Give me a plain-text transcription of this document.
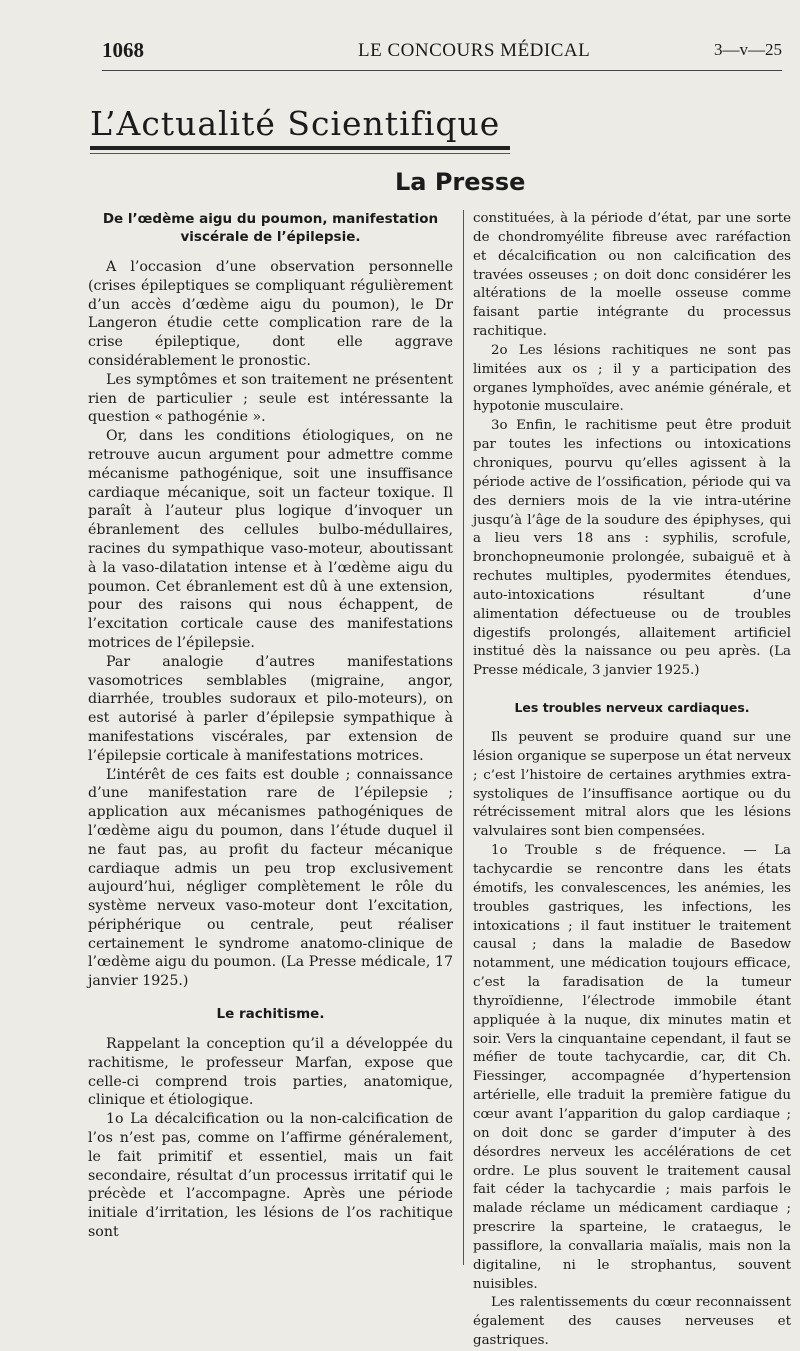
1068	LE CONCOURS MÉDICAL	3—v—25
L’Actualité Scientifique
La Presse
De l’œdème aigu du poumon, manifestation viscérale de l’épilepsie.

A l’occasion d’une observation personnelle (crises épileptiques se compliquant régulièrement d’un accès d’œdème aigu du poumon), le Dr Langeron étudie cette complication rare de la crise épileptique, dont elle aggrave considérablement le pronostic.

Les symptômes et son traitement ne présentent rien de particulier ; seule est intéressante la question « pathogénie ».

Or, dans les conditions étiologiques, on ne retrouve aucun argument pour admettre comme mécanisme pathogénique, soit une insuffisance cardiaque mécanique, soit un facteur toxique. Il paraît à l’auteur plus logique d’invoquer un ébranlement des cellules bulbo-médullaires, racines du sympathique vaso-moteur, aboutissant à la vaso-dilatation intense et à l’œdème aigu du poumon. Cet ébranlement est dû à une extension, pour des raisons qui nous échappent, de l’excitation corticale cause des manifestations motrices de l’épilepsie.

Par analogie d’autres manifestations vasomotrices semblables (migraine, angor, diarrhée, troubles sudoraux et pilo-moteurs), on est autorisé à parler d’épilepsie sympathique à manifestations viscérales, par extension de l’épilepsie corticale à manifestations motrices.

L’intérêt de ces faits est double ; connaissance d’une manifestation rare de l’épilepsie ; application aux mécanismes pathogéniques de l’œdème aigu du poumon, dans l’étude duquel il ne faut pas, au profit du facteur mécanique cardiaque admis un peu trop exclusivement aujourd’hui, négliger complètement le rôle du système nerveux vaso-moteur dont l’excitation, périphérique ou centrale, peut réaliser certainement le syndrome anatomo-clinique de l’œdème aigu du poumon. (La Presse médicale, 17 janvier 1925.)

Le rachitisme.

Rappelant la conception qu’il a développée du rachitisme, le professeur Marfan, expose que celle-ci comprend trois parties, anatomique, clinique et étiologique.

1o La décalcification ou la non-calcification de l’os n’est pas, comme on l’affirme généralement, le fait primitif et essentiel, mais un fait secondaire, résultat d’un processus irritatif qui le précède et l’accompagne. Après une période initiale d’irritation, les lésions de l’os rachitique sont

constituées, à la période d’état, par une sorte de chondromyélite fibreuse avec raréfaction et décalcification ou non calcification des travées osseuses ; on doit donc considérer les altérations de la moelle osseuse comme faisant partie intégrante du processus rachitique.

2o Les lésions rachitiques ne sont pas limitées aux os ; il y a participation des organes lymphoïdes, avec anémie générale, et hypotonie musculaire.

3o Enfin, le rachitisme peut être produit par toutes les infections ou intoxications chroniques, pourvu qu’elles agissent à la période active de l’ossification, période qui va des derniers mois de la vie intra-utérine jusqu’à l’âge de la soudure des épiphyses, qui a lieu vers 18 ans : syphilis, scrofule, bronchopneumonie prolongée, subaiguë et à rechutes multiples, pyodermites étendues, auto-intoxications résultant d’une alimentation défectueuse ou de troubles digestifs prolongés, allaitement artificiel institué dès la naissance ou peu après. (La Presse médicale, 3 janvier 1925.)

Les troubles nerveux cardiaques.

Ils peuvent se produire quand sur une lésion organique se superpose un état nerveux ; c’est l’histoire de certaines arythmies extra-systoliques de l’insuffisance aortique ou du rétrécissement mitral alors que les lésions valvulaires sont bien compensées.

1o Trouble s de fréquence. — La tachycardie se rencontre dans les états émotifs, les convalescences, les anémies, les troubles gastriques, les infections, les intoxications ; il faut instituer le traitement causal ; dans la maladie de Basedow notamment, une médication toujours efficace, c’est la faradisation de la tumeur thyroïdienne, l’électrode immobile étant appliquée à la nuque, dix minutes matin et soir. Vers la cinquantaine cependant, il faut se méfier de toute tachycardie, car, dit Ch. Fiessinger, accompagnée d’hypertension artérielle, elle traduit la première fatigue du cœur avant l’apparition du galop cardiaque ; on doit donc se garder d’imputer à des désordres nerveux les accélérations de cet ordre. Le plus souvent le traitement causal fait céder la tachycardie ; mais parfois le malade réclame un médicament cardiaque ; prescrire la sparteine, le crataegus, le passiflore, la convallaria maïalis, mais non la digitaline, ni le strophantus, souvent nuisibles.

Les ralentissements du cœur reconnaissent également des causes nerveuses et gastriques.
